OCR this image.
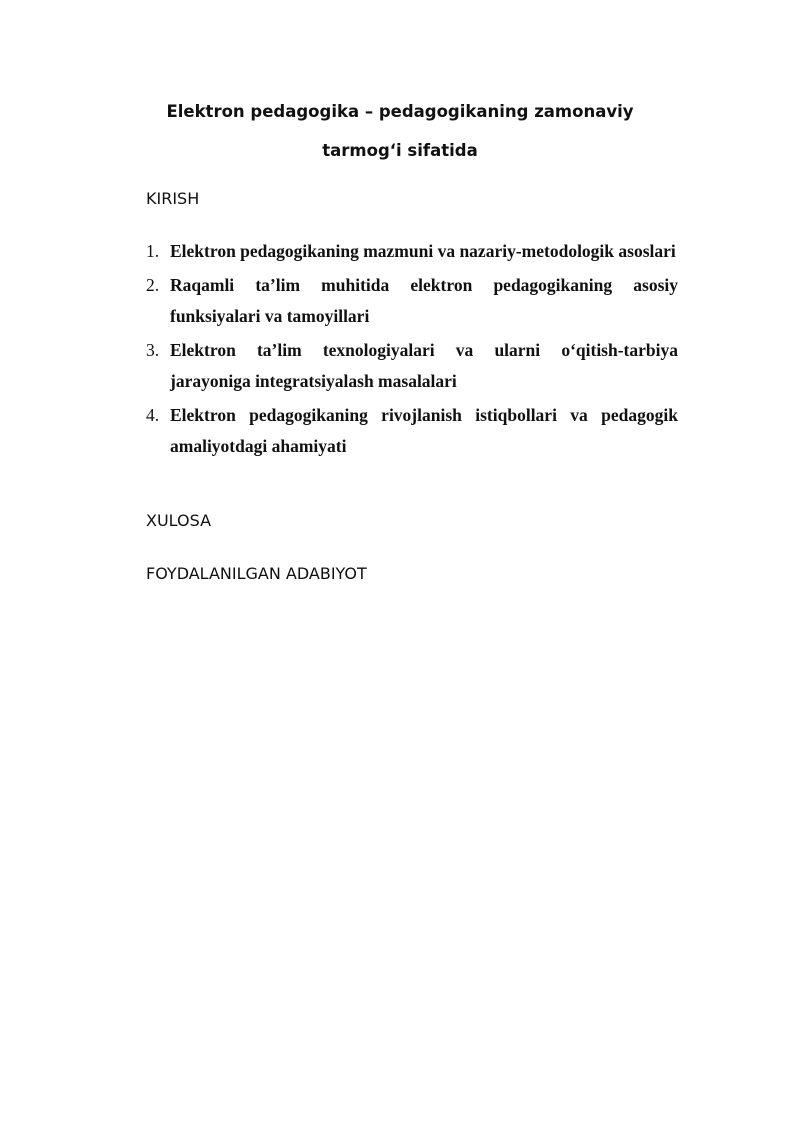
Elektron pedagogika – pedagogikaning zamonaviy
tarmog‘i sifatida
KIRISH
1. Elektron pedagogikaning mazmuni va nazariy-metodologik asoslari
2. Raqamli ta’lim muhitida elektron pedagogikaning asosiy funksiyalari va tamoyillari
3. Elektron ta’lim texnologiyalari va ularni o‘qitish-tarbiya jarayoniga integratsiyalash masalalari
4. Elektron pedagogikaning rivojlanish istiqbollari va pedagogik amaliyotdagi ahamiyati
XULOSA
FOYDALANILGAN ADABIYOT
